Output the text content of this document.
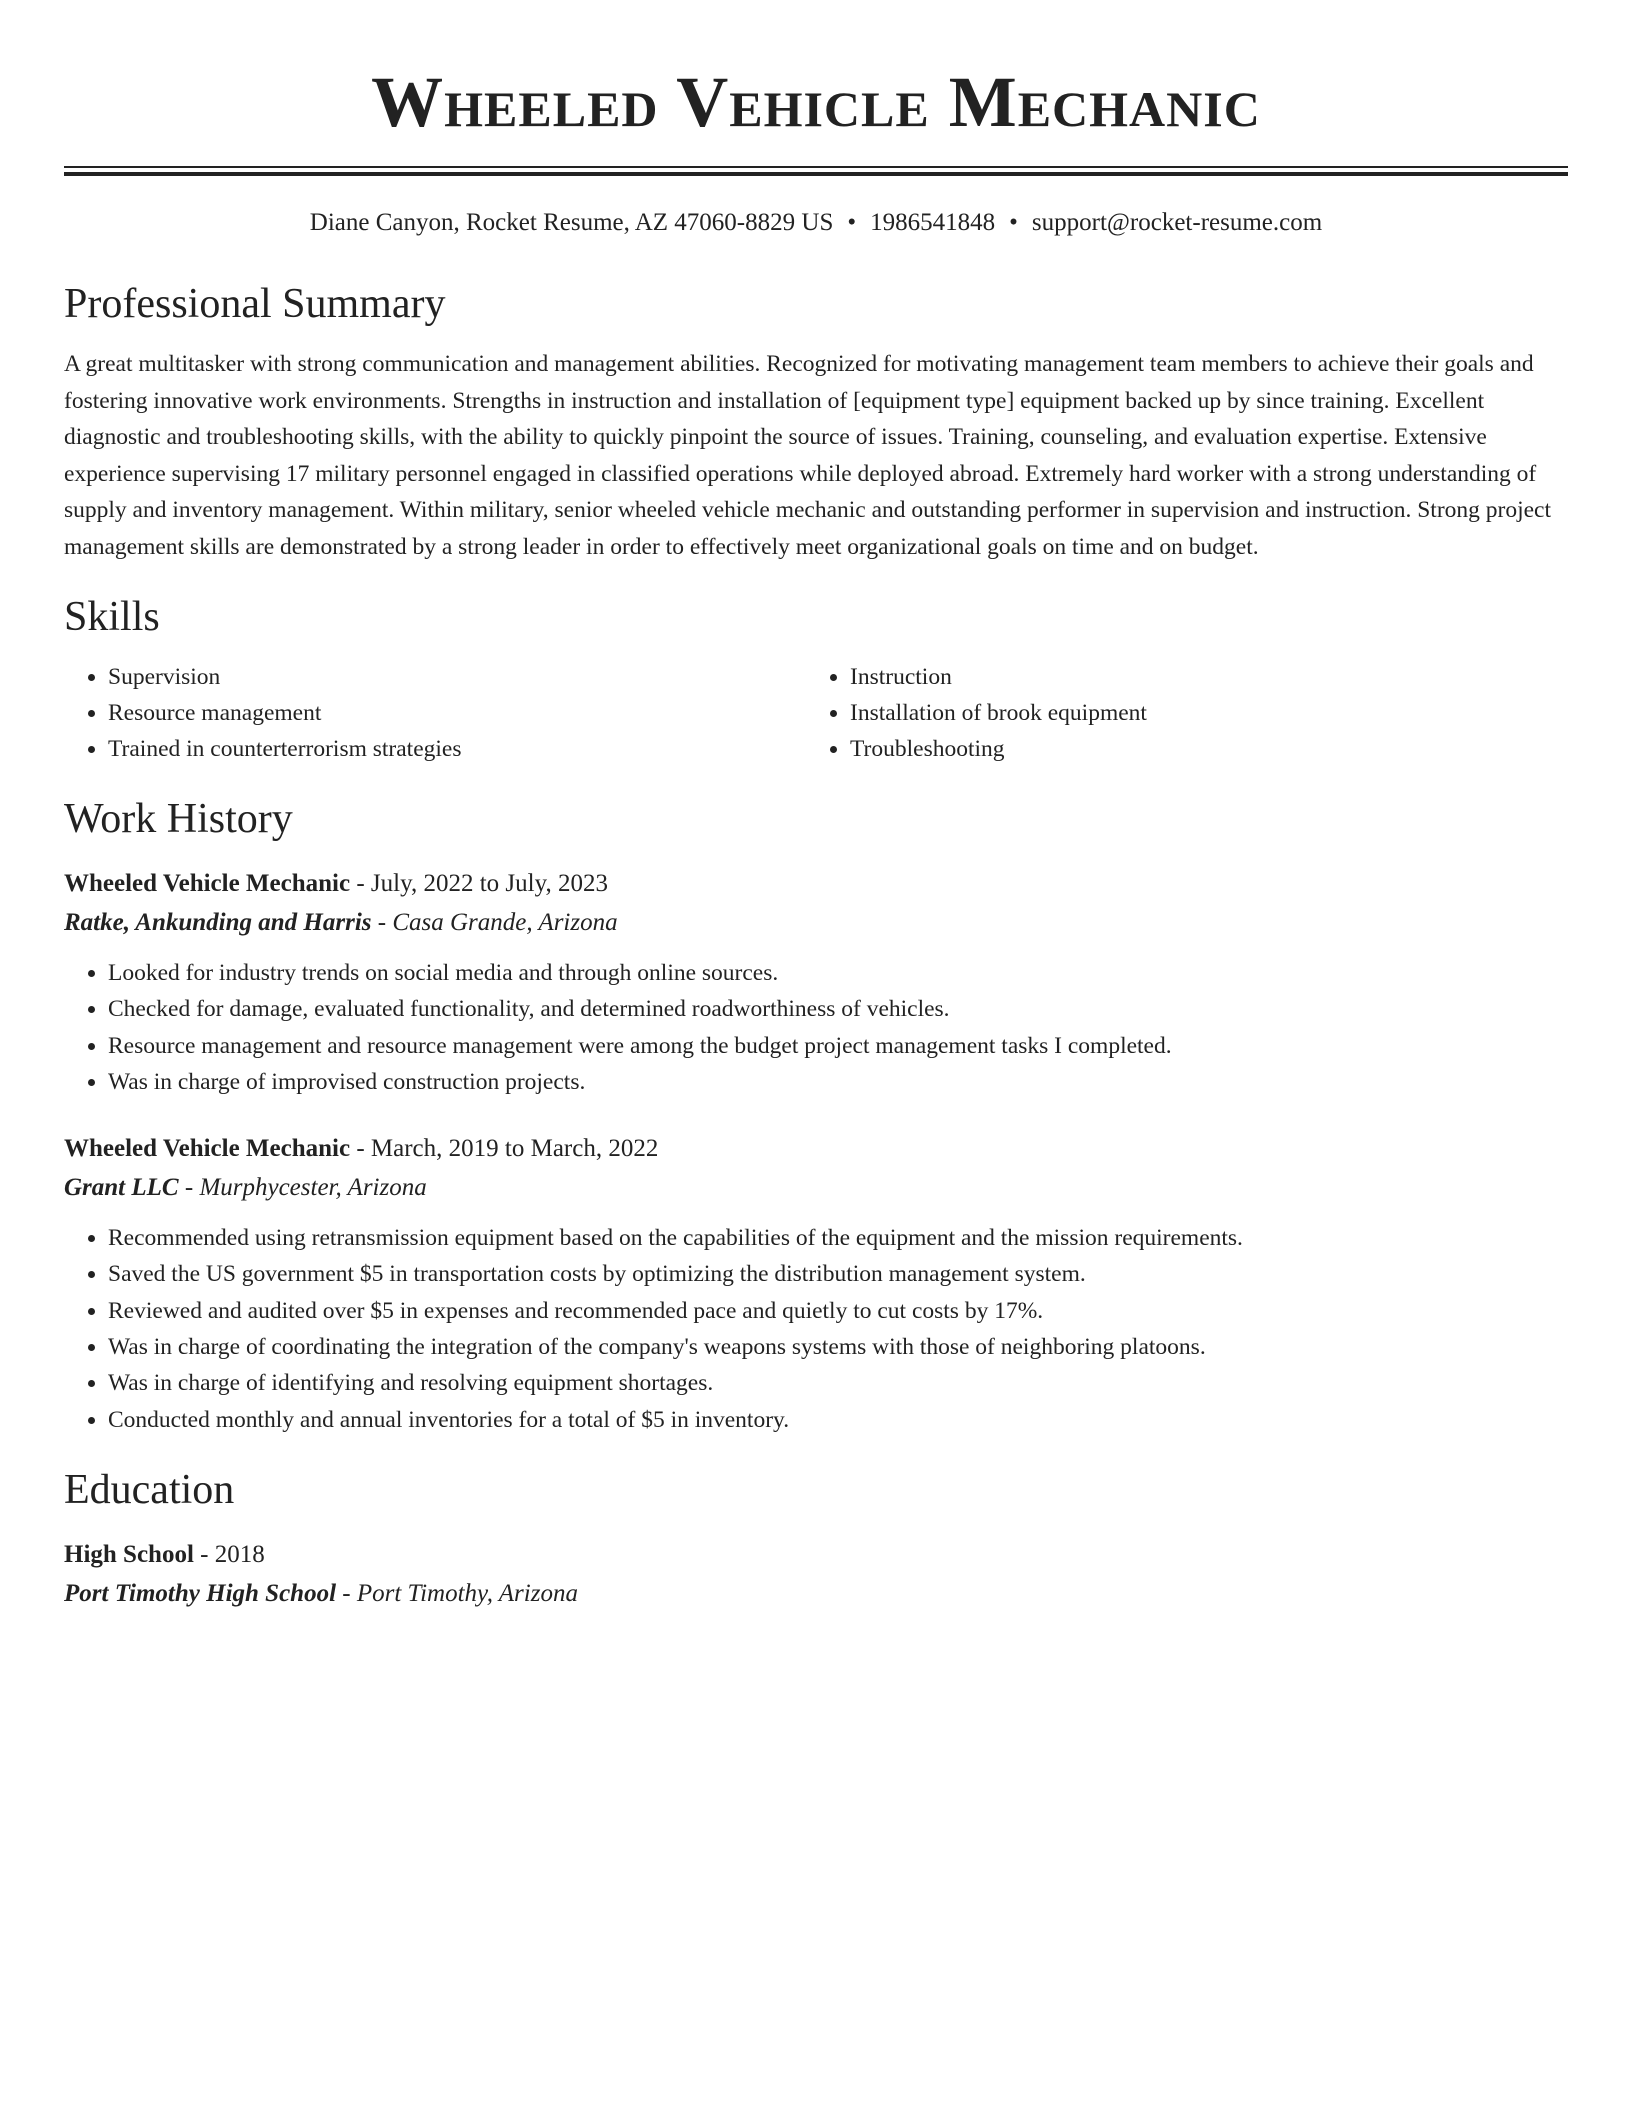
Wheeled Vehicle Mechanic
Diane Canyon, Rocket Resume, AZ 47060-8829 US • 1986541848 • support@rocket-resume.com
Professional Summary

A great multitasker with strong communication and management abilities. Recognized for motivating management team members to achieve their goals and fostering innovative work environments. Strengths in instruction and installation of [equipment type] equipment backed up by since training. Excellent diagnostic and troubleshooting skills, with the ability to quickly pinpoint the source of issues. Training, counseling, and evaluation expertise. Extensive experience supervising 17 military personnel engaged in classified operations while deployed abroad. Extremely hard worker with a strong understanding of supply and inventory management. Within military, senior wheeled vehicle mechanic and outstanding performer in supervision and instruction. Strong project management skills are demonstrated by a strong leader in order to effectively meet organizational goals on time and on budget.

Skills
• Supervision
• Resource management
• Trained in counterterrorism strategies
• Instruction
• Installation of brook equipment
• Troubleshooting
Work History
Wheeled Vehicle Mechanic - July, 2022 to July, 2023
Ratke, Ankunding and Harris - Casa Grande, Arizona
• Looked for industry trends on social media and through online sources.
• Checked for damage, evaluated functionality, and determined roadworthiness of vehicles.
• Resource management and resource management were among the budget project management tasks I completed.
• Was in charge of improvised construction projects.
Wheeled Vehicle Mechanic - March, 2019 to March, 2022
Grant LLC - Murphycester, Arizona
• Recommended using retransmission equipment based on the capabilities of the equipment and the mission requirements.
• Saved the US government $5 in transportation costs by optimizing the distribution management system.
• Reviewed and audited over $5 in expenses and recommended pace and quietly to cut costs by 17%.
• Was in charge of coordinating the integration of the company's weapons systems with those of neighboring platoons.
• Was in charge of identifying and resolving equipment shortages.
• Conducted monthly and annual inventories for a total of $5 in inventory.
Education
High School - 2018
Port Timothy High School - Port Timothy, Arizona
